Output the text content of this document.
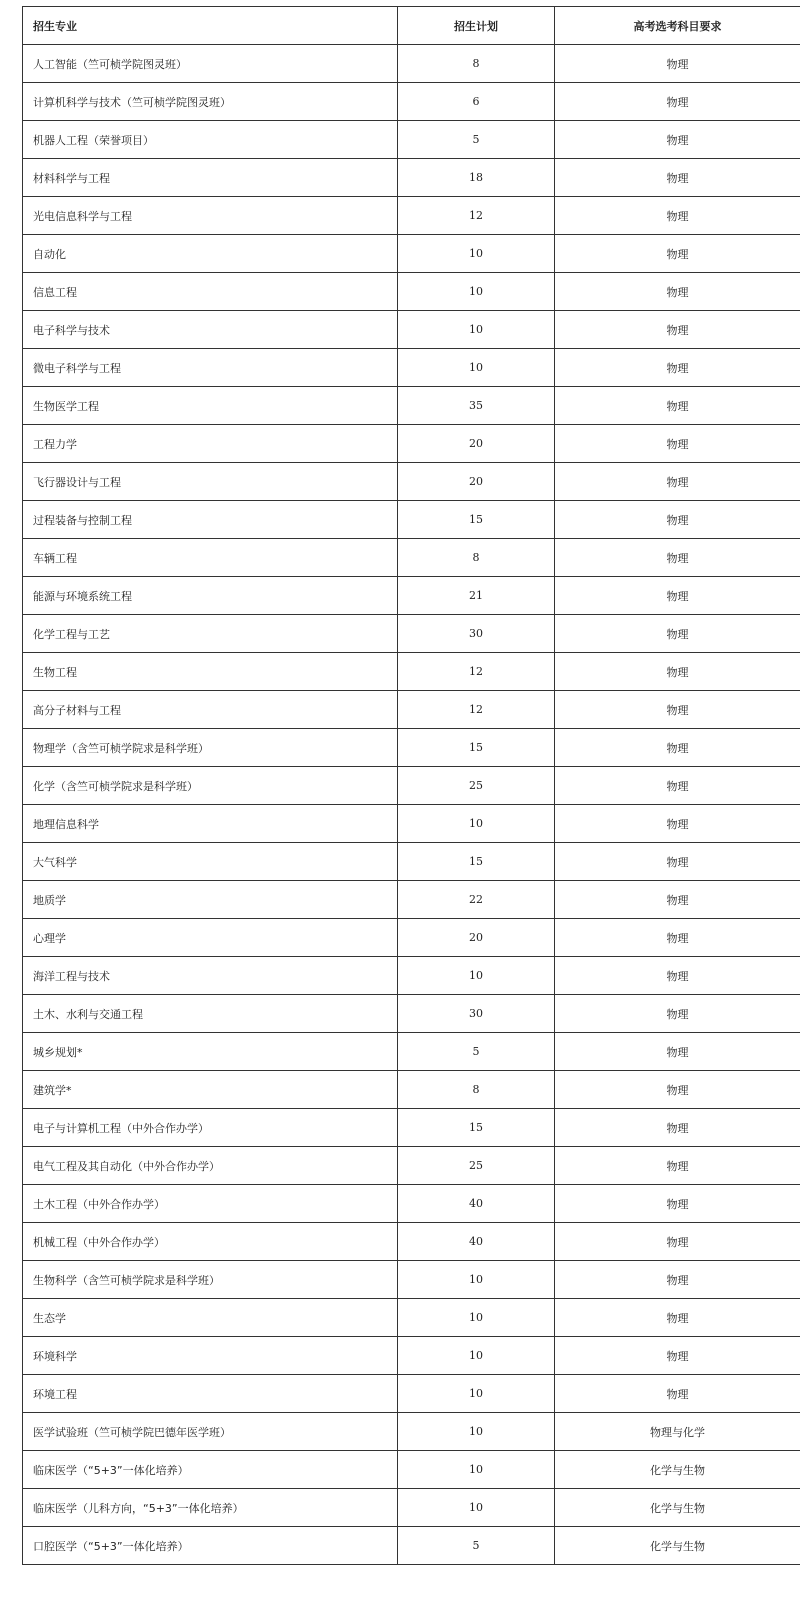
招生专业	招生计划	高考选考科目要求
人工智能（竺可桢学院图灵班）	8	物理
计算机科学与技术（竺可桢学院图灵班）	6	物理
机器人工程（荣誉项目）	5	物理
材料科学与工程	18	物理
光电信息科学与工程	12	物理
自动化	10	物理
信息工程	10	物理
电子科学与技术	10	物理
微电子科学与工程	10	物理
生物医学工程	35	物理
工程力学	20	物理
飞行器设计与工程	20	物理
过程装备与控制工程	15	物理
车辆工程	8	物理
能源与环境系统工程	21	物理
化学工程与工艺	30	物理
生物工程	12	物理
高分子材料与工程	12	物理
物理学（含竺可桢学院求是科学班）	15	物理
化学（含竺可桢学院求是科学班）	25	物理
地理信息科学	10	物理
大气科学	15	物理
地质学	22	物理
心理学	20	物理
海洋工程与技术	10	物理
土木、水利与交通工程	30	物理
城乡规划*	5	物理
建筑学*	8	物理
电子与计算机工程（中外合作办学）	15	物理
电气工程及其自动化（中外合作办学）	25	物理
土木工程（中外合作办学）	40	物理
机械工程（中外合作办学）	40	物理
生物科学（含竺可桢学院求是科学班）	10	物理
生态学	10	物理
环境科学	10	物理
环境工程	10	物理
医学试验班（竺可桢学院巴德年医学班）	10	物理与化学
临床医学（“5+3”一体化培养）	10	化学与生物
临床医学（儿科方向，“5+3”一体化培养）	10	化学与生物
口腔医学（“5+3”一体化培养）	5	化学与生物
